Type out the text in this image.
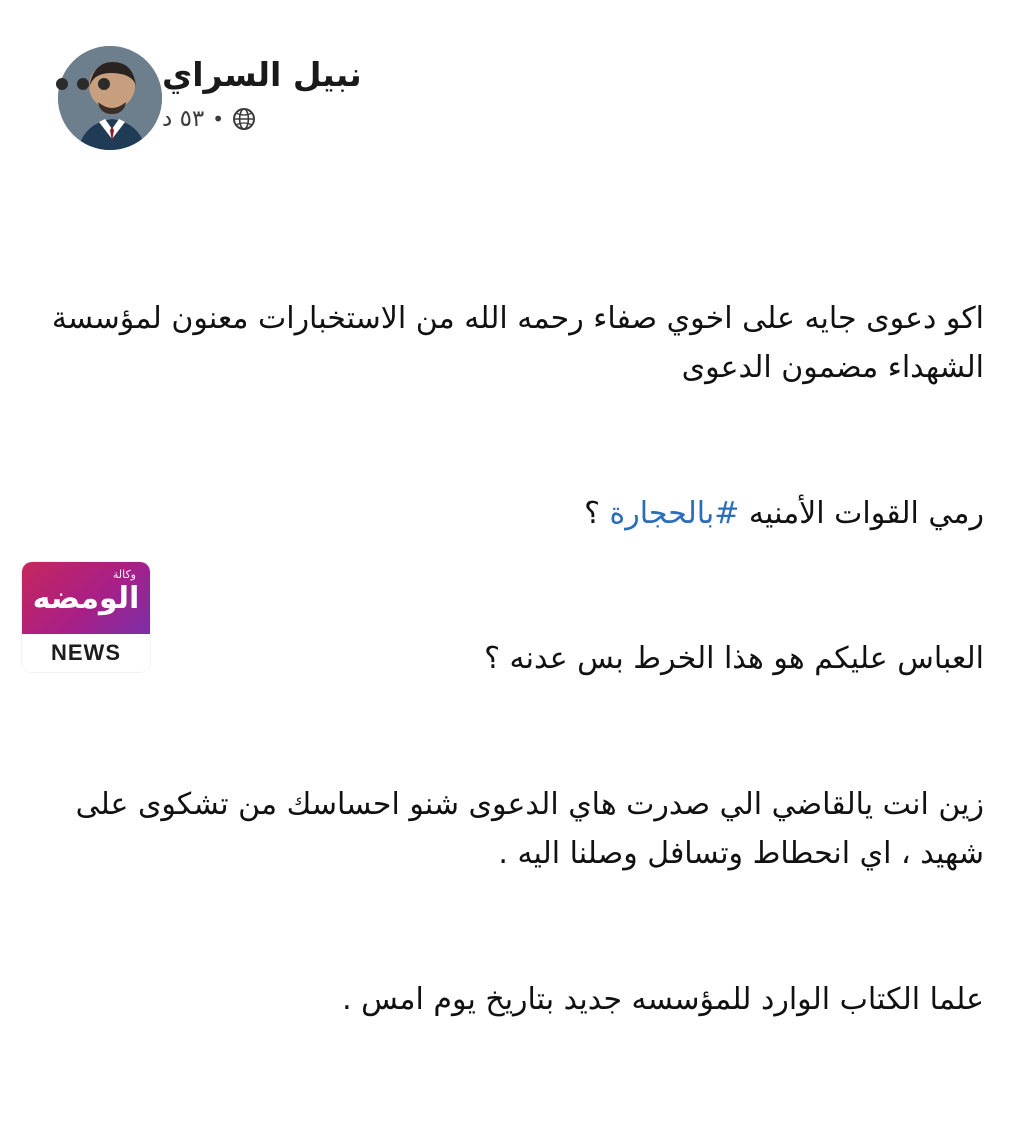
نبيل السراي
٥٣ د •

اكو دعوى جايه على اخوي صفاء رحمه الله من الاستخبارات معنون لمؤسسة الشهداء مضمون الدعوى

رمي القوات الأمنيه #بالحجارة ؟

العباس عليكم هو هذا الخرط بس عدنه ؟

زين انت يالقاضي الي صدرت هاي الدعوى شنو احساسك من تشكوى على شهيد ، اي انحطاط وتسافل وصلنا اليه .

علما الكتاب الوارد للمؤسسه جديد بتاريخ يوم امس .

وكالة
الومضه
NEWS
